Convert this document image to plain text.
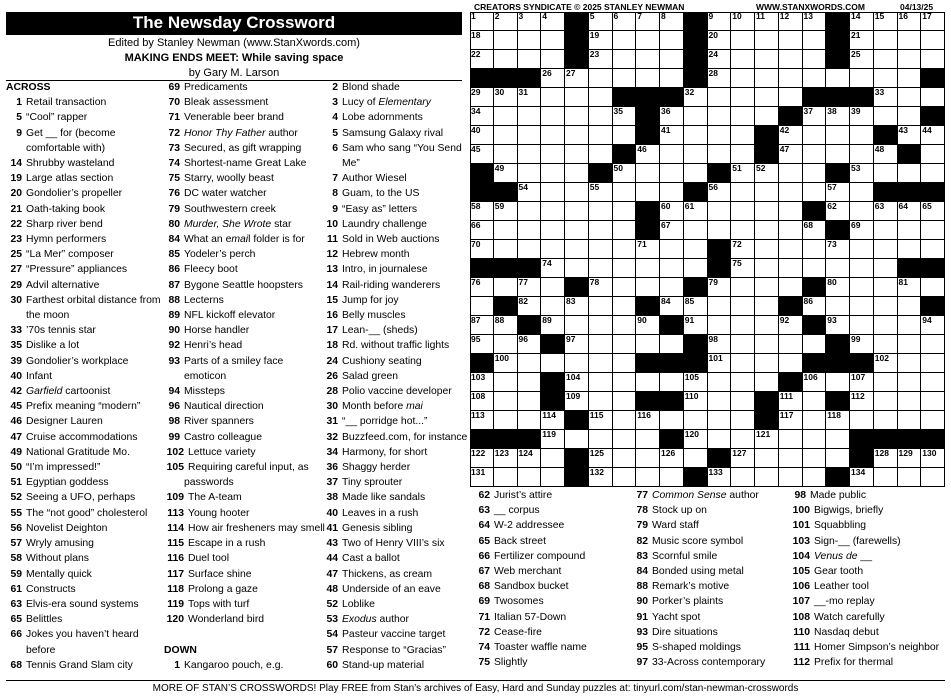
The Newsday Crossword
Edited by Stanley Newman (www.StanXwords.com)
MAKING ENDS MEET: While saving space
by Gary M. Larson
CREATORS SYNDICATE © 2025 STANLEY NEWMAN	WWW.STANXWORDS.COM	04/13/25
1 2 3 4	5 6 7 8	9 10 11 12 13	14 15 16 17
18	19	20	21
22	23	24	25
26 27	28
29 30 31	32	33
34	35	36	37 38 39
40	41	42	43 44
45	46	47	48
49	50	51 52	53
54	55	56	57
58 59	60 61	62	63 64 65
66	67	68	69
70	71	72	73
74	75
76	77	78	79	80	81
82	83	84 85	86
87 88	89	90	91	92	93	94
95	96	97	98	99
100	101	102
103	104	105	106	107
108	109	110	111	112
113	114	115	116	117	118
119	120	121
122 123 124	125	126	127	128 129 130
131	132	133	134
ACROSS
1 Retail transaction
5 “Cool” rapper
9 Get __ for (become
comfortable with)
14 Shrubby wasteland
19 Large atlas section
20 Gondolier’s propeller
21 Oath-taking book
22 Sharp river bend
23 Hymn performers
25 “La Mer” composer
27 “Pressure” appliances
29 Advil alternative
30 Farthest orbital distance from
the moon
33 ’70s tennis star
35 Dislike a lot
39 Gondolier’s workplace
40 Infant
42 Garfield cartoonist
45 Prefix meaning “modern”
46 Designer Lauren
47 Cruise accommodations
49 National Gratitude Mo.
50 “I’m impressed!”
51 Egyptian goddess
52 Seeing a UFO, perhaps
55 The “not good” cholesterol
56 Novelist Deighton
57 Wryly amusing
58 Without plans
59 Mentally quick
61 Constructs
63 Elvis-era sound systems
65 Belittles
66 Jokes you haven’t heard
before
68 Tennis Grand Slam city
69 Predicaments
70 Bleak assessment
71 Venerable beer brand
72 Honor Thy Father author
73 Secured, as gift wrapping
74 Shortest-name Great Lake
75 Starry, woolly beast
76 DC water watcher
79 Southwestern creek
80 Murder, She Wrote star
84 What an email folder is for
85 Yodeler’s perch
86 Fleecy boot
87 Bygone Seattle hoopsters
88 Lecterns
89 NFL kickoff elevator
90 Horse handler
92 Henri’s head
93 Parts of a smiley face
emoticon
94 Missteps
96 Nautical direction
98 River spanners
99 Castro colleague
102 Lettuce variety
105 Requiring careful input, as
passwords
109 The A-team
113 Young hooter
114 How air fresheners may smell
115 Escape in a rush
116 Duel tool
117 Surface shine
118 Prolong a gaze
119 Tops with turf
120 Wonderland bird

DOWN
1 Kangaroo pouch, e.g.
2 Blond shade
3 Lucy of Elementary
4 Lobe adornments
5 Samsung Galaxy rival
6 Sam who sang “You Send
Me”
7 Author Wiesel
8 Guam, to the US
9 “Easy as” letters
10 Laundry challenge
11 Sold in Web auctions
12 Hebrew month
13 Intro, in journalese
14 Rail-riding wanderers
15 Jump for joy
16 Belly muscles
17 Lean-__ (sheds)
18 Rd. without traffic lights
24 Cushiony seating
26 Salad green
28 Polio vaccine developer
30 Month before mai
31 “__ porridge hot...”
32 Buzzfeed.com, for instance
34 Harmony, for short
36 Shaggy herder
37 Tiny sprouter
38 Made like sandals
40 Leaves in a rush
41 Genesis sibling
43 Two of Henry VIII’s six
44 Cast a ballot
47 Thickens, as cream
48 Underside of an eave
52 Loblike
53 Exodus author
54 Pasteur vaccine target
57 Response to “Gracias”
60 Stand-up material
62 Jurist’s attire
63 __ corpus
64 W-2 addressee
65 Back street
66 Fertilizer compound
67 Web merchant
68 Sandbox bucket
69 Twosomes
71 Italian 57-Down
72 Cease-fire
74 Toaster waffle name
75 Slightly
77 Common Sense author
78 Stock up on
79 Ward staff
82 Music score symbol
83 Scornful smile
84 Bonded using metal
88 Remark’s motive
90 Porker’s plaints
91 Yacht spot
93 Dire situations
95 S-shaped moldings
97 33-Across contemporary
98 Made public
100 Bigwigs, briefly
101 Squabbling
103 Sign-__ (farewells)
104 Venus de __
105 Gear tooth
106 Leather tool
107 __-mo replay
108 Watch carefully
110 Nasdaq debut
111 Homer Simpson’s neighbor
112 Prefix for thermal
MORE OF STAN’S CROSSWORDS! Play FREE from Stan’s archives of Easy, Hard and Sunday puzzles at: tinyurl.com/stan-newman-crosswords
